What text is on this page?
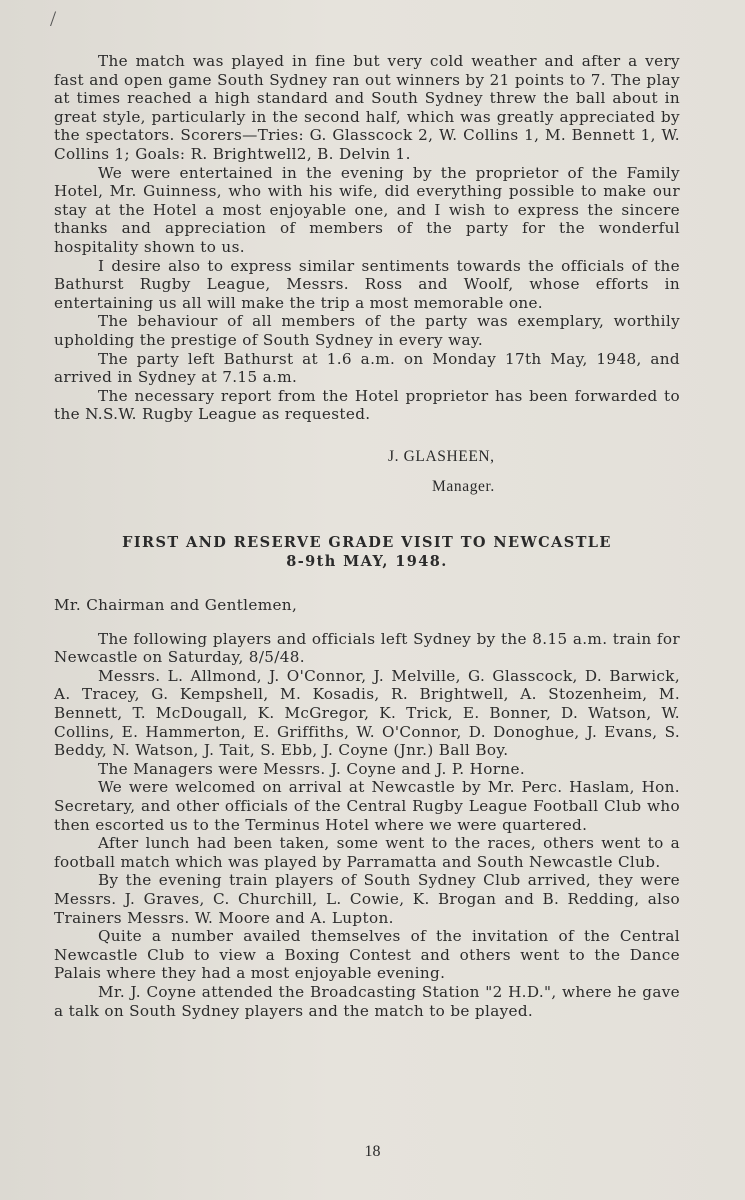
/

The match was played in fine but very cold weather and after a very fast and open game South Sydney ran out winners by 21 points to 7. The play at times reached a high standard and South Sydney threw the ball about in great style, particularly in the second half, which was greatly appreciated by the spectators. Scorers—Tries: G. Glasscock 2, W. Collins 1, M. Bennett 1, W. Collins 1; Goals: R. Brightwell2, B. Delvin 1.

We were entertained in the evening by the proprietor of the Family Hotel, Mr. Guinness, who with his wife, did everything possible to make our stay at the Hotel a most enjoyable one, and I wish to express the sincere thanks and appreciation of members of the party for the wonderful hospitality shown to us.

I desire also to express similar sentiments towards the officials of the Bathurst Rugby League, Messrs. Ross and Woolf, whose efforts in entertaining us all will make the trip a most memorable one.

The behaviour of all members of the party was exemplary, worthily upholding the prestige of South Sydney in every way.

The party left Bathurst at 1.6 a.m. on Monday 17th May, 1948, and arrived in Sydney at 7.15 a.m.

The necessary report from the Hotel proprietor has been forwarded to the N.S.W. Rugby League as requested.

J. GLASHEEN,
Manager.
FIRST AND RESERVE GRADE VISIT TO NEWCASTLE
8-9th MAY, 1948.

Mr. Chairman and Gentlemen,

The following players and officials left Sydney by the 8.15 a.m. train for Newcastle on Saturday, 8/5/48.

Messrs. L. Allmond, J. O'Connor, J. Melville, G. Glasscock, D. Barwick, A. Tracey, G. Kempshell, M. Kosadis, R. Brightwell, A. Stozenheim, M. Bennett, T. McDougall, K. McGregor, K. Trick, E. Bonner, D. Watson, W. Collins, E. Hammerton, E. Griffiths, W. O'Connor, D. Donoghue, J. Evans, S. Beddy, N. Watson, J. Tait, S. Ebb, J. Coyne (Jnr.) Ball Boy.

The Managers were Messrs. J. Coyne and J. P. Horne.

We were welcomed on arrival at Newcastle by Mr. Perc. Haslam, Hon. Secretary, and other officials of the Central Rugby League Football Club who then escorted us to the Terminus Hotel where we were quartered.

After lunch had been taken, some went to the races, others went to a football match which was played by Parramatta and South Newcastle Club.

By the evening train players of South Sydney Club arrived, they were Messrs. J. Graves, C. Churchill, L. Cowie, K. Brogan and B. Redding, also Trainers Messrs. W. Moore and A. Lupton.

Quite a number availed themselves of the invitation of the Central Newcastle Club to view a Boxing Contest and others went to the Dance Palais where they had a most enjoyable evening.

Mr. J. Coyne attended the Broadcasting Station "2 H.D.", where he gave a talk on South Sydney players and the match to be played.

18
